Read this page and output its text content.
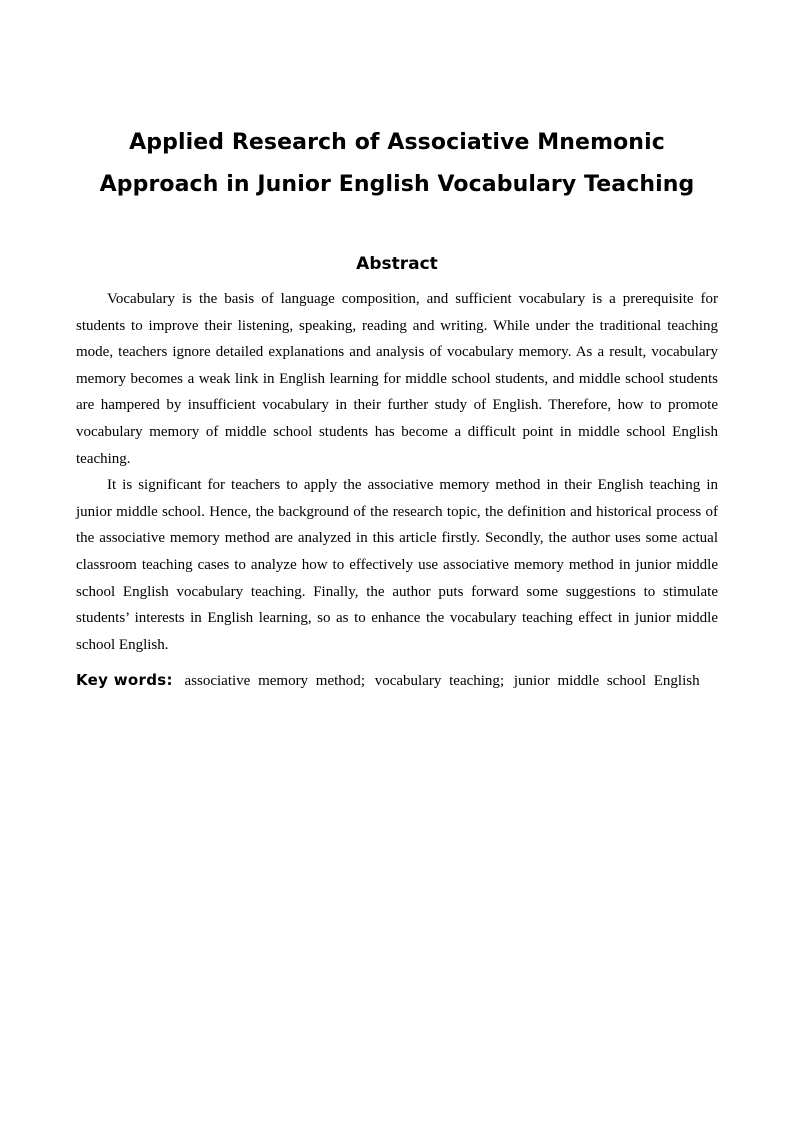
Applied Research of Associative Mnemonic
Approach in Junior English Vocabulary Teaching
Abstract

Vocabulary is the basis of language composition, and sufficient vocabulary is a prerequisite for students to improve their listening, speaking, reading and writing. While under the traditional teaching mode, teachers ignore detailed explanations and analysis of vocabulary memory. As a result, vocabulary memory becomes a weak link in English learning for middle school students, and middle school students are hampered by insufficient vocabulary in their further study of English. Therefore, how to promote vocabulary memory of middle school students has become a difficult point in middle school English teaching.

It is significant for teachers to apply the associative memory method in their English teaching in junior middle school. Hence, the background of the research topic, the definition and historical process of the associative memory method are analyzed in this article firstly. Secondly, the author uses some actual classroom teaching cases to analyze how to effectively use associative memory method in junior middle school English vocabulary teaching. Finally, the author puts forward some suggestions to stimulate students’ interests in English learning, so as to enhance the vocabulary teaching effect in junior middle school English.

Key words: associative memory method; vocabulary teaching; junior middle school English
